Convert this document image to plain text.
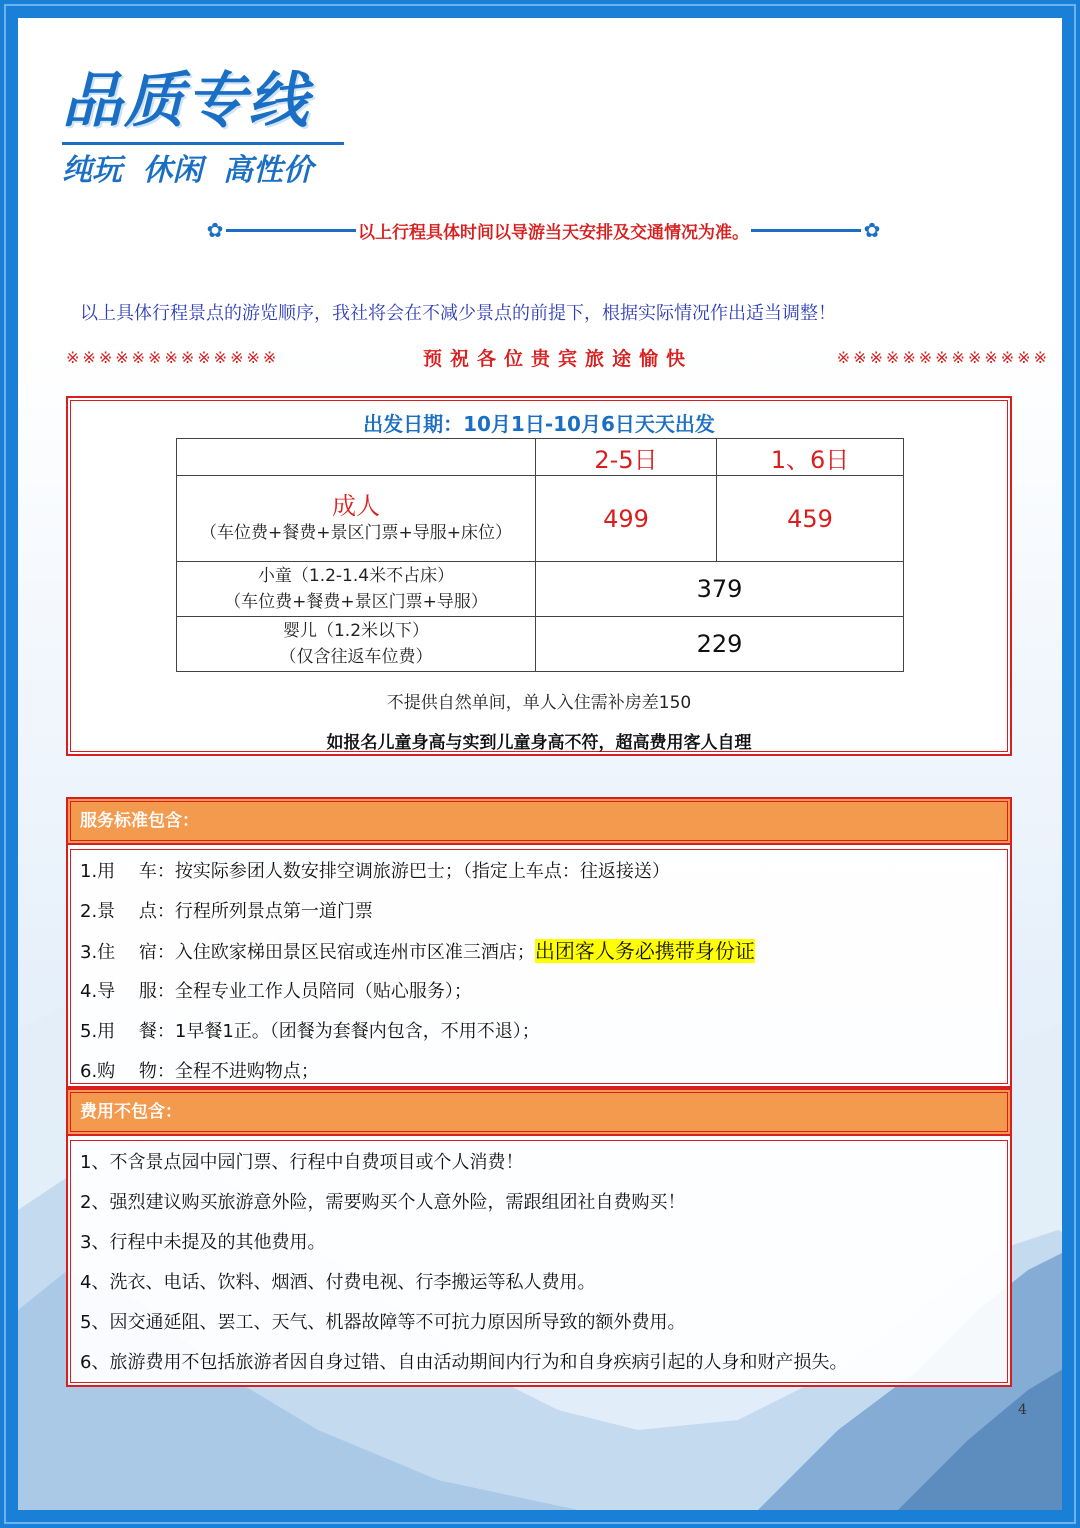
品质专线
纯玩 休闲 高性价
✿	以上行程具体时间以导游当天安排及交通情况为准。	✿
以上具体行程景点的游览顺序，我社将会在不减少景点的前提下，根据实际情况作出适当调整！
※※※※※※※※※※※※※	预祝各位贵宾旅途愉快	※※※※※※※※※※※※※
出发日期：10月1日-10月6日天天出发
	2-5日	1、6日

成人
（车位费+餐费+景区门票+导服+床位）	499	459

小童（1.2-1.4米不占床）
（车位费+餐费+景区门票+导服）	379	

婴儿（1.2米以下）
（仅含往返车位费）	229	
不提供自然单间，单人入住需补房差150
如报名儿童身高与实到儿童身高不符，超高费用客人自理
服务标准包含：
1.用　 车：按实际参团人数安排空调旅游巴士；（指定上车点：往返接送）
2.景　 点：行程所列景点第一道门票
3.住　 宿：入住欧家梯田景区民宿或连州市区准三酒店；出团客人务必携带身份证
4.导　 服：全程专业工作人员陪同（贴心服务）；
5.用　 餐：1早餐1正。（团餐为套餐内包含，不用不退）；
6.购　 物：全程不进购物点；
费用不包含：
1、不含景点园中园门票、行程中自费项目或个人消费！
2、强烈建议购买旅游意外险，需要购买个人意外险，需跟组团社自费购买！
3、行程中未提及的其他费用。
4、洗衣、电话、饮料、烟酒、付费电视、行李搬运等私人费用。
5、因交通延阻、罢工、天气、机器故障等不可抗力原因所导致的额外费用。
6、旅游费用不包括旅游者因自身过错、自由活动期间内行为和自身疾病引起的人身和财产损失。
4
